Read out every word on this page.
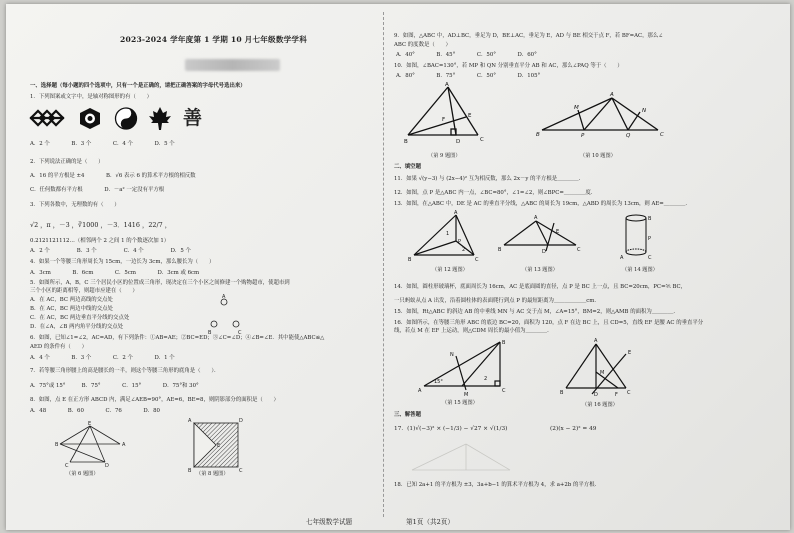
2023-2024 学年度第 1 学期 10 月七年级数学学科
一、选择题（每小题的四个选项中，只有一个是正确的，请把正确答案的字母代号选出来）
1．下列图案或文字中，是轴对称图形的有（　　）
善
A．2 个　　　　B．3 个　　　　C．4 个　　　　D．5 个
2．下列说法正确的是（　　）
A．16 的平方根是 ±4　　　　B．√6 表示 6 的算术平方根的相反数
C．任何数都有平方根　　　　D．－a² 一定没有平方根
3．下列各数中，无理数的有（　　）
√2 ，π ，－3 ，∛1000 ，－3．1416 ，22/7 ，
0.2121121112…（相邻两个 2 之间 1 的个数逐次加 1）
A．2 个　　　　　B．3 个　　　　　C．4 个　　　　　D．5 个
4．如果一个等腰三角形周长为 15cm，一边长为 3cm，那么腰长为（　　）
A．3cm　　　　B．6cm　　　　C．5cm　　　　D．3cm 或 6cm
5．如图所示，A，B，C 三个居民小区的位置成三角形，现决定在三个小区之间修建一个购物超市，使超市到
三个小区的距离相等，则超市应建在（　　）
A．在 AC，BC 两边高线的交点处
B．在 AC，BC 两边中线的交点处
C．在 AC，BC 两边垂直平分线的交点处
D．在∠A，∠B 两内角平分线的交点处
A
B	C
6．如图，已知∠1=∠2，AC=AD，有下列条件：①AB=AE；②BC=ED；③∠C=∠D；④∠B=∠E．其中能使△ABC≌△
AED 的条件有（　　）
A．4 个　　　　B．3 个　　　　C．2 个　　　　D．1 个
7．若等腰三角形腰上的高是腰长的一半，则这个等腰三角形的底角是（　　）．
A．75°或 15°　　　B．75°　　　　C．15°　　　　D．75°和 30°
8．如图，点 E 在正方形 ABCD 内，满足∠AEB=90°，AE=6，BE=8，则阴影部分的面积是（　　）
A．48　　　　B．60　　　　C．76　　　　D．80
B
E
A
C	D
（第 6 题图）
A	D
B	C
E
（第 8 题图）
9．如图，△ABC 中，AD⊥BC，垂足为 D，BE⊥AC，垂足为 E，AD 与 BE 相交于点 F，若 BF=AC，那么∠
ABC 的度数是（　　）
A．40°　　　　B．45°　　　　C．50°　　　　D．60°
10．如图，∠BAC=130°，若 MP 和 QN 分别垂直平分 AB 和 AC，那么∠PAQ 等于（　　）
A．80°　　　　B．75°　　　　C．50°　　　　D．105°
A
B	C
D
E
F
（第 9 题图）
A
B	C
M	N
P	Q
（第 10 题图）
二、填空题
11．如果 √(y−3) 与 (2x−4)² 互为相反数，那么 2x－y 的平方根是＿＿＿＿．
12．如图，点 P 是△ABC 内一点，∠BC=80°，∠1=∠2，则∠BPC=＿＿＿＿度．
13．如图，在△ABC 中，DE 是 AC 的垂直平分线，△ABC 的周长为 19cm，△ABD 的周长为 13cm，则 AE=＿＿＿＿．
A
B	C
P
1
2
（第 12 题图）
A
B	C
D
E
（第 13 题图）
B
P
A	C
（第 14 题图）
14．如图，圆柱形玻璃杯，底面周长为 16cm，AC 是底面圆的直径，点 P 是 BC 上一点，且 BC=20cm，PC=⅗ BC，
一只蚂蚁从点 A 出发，沿着圆柱体的表面爬行到点 P 的最短距离为＿＿＿＿＿＿cm．
15．如图，Rt△ABC 的斜边 AB 的中垂线 MN 与 AC 交于点 M，∠A=15°，BM=2，则△AMB 的面积为＿＿＿＿．
16．如图所示，在等腰三角形 ABC 的底边 BC=20，面积为 120，点 F 在边 BC 上，且 CD=5，直线 EF 是腰 AC 的垂直平分
线，若点 M 在 EF 上运动，则△CDM 周长的最小值为＿＿＿＿．
A
B
C
N
M
15°	2
（第 15 题图）
A
B	C
D	F
M
E
（第 16 题图）
三、解答题
17．(1)√(−3)² × (−1/3) − √27 × √(1/3)	(2)(x − 2)² = 49
18．已知 2a+1 的平方根为 ±3，3a+b−1 的算术平方根为 4，求 a+2b 的平方根．
七年级数学试题	第1页（共2页）
